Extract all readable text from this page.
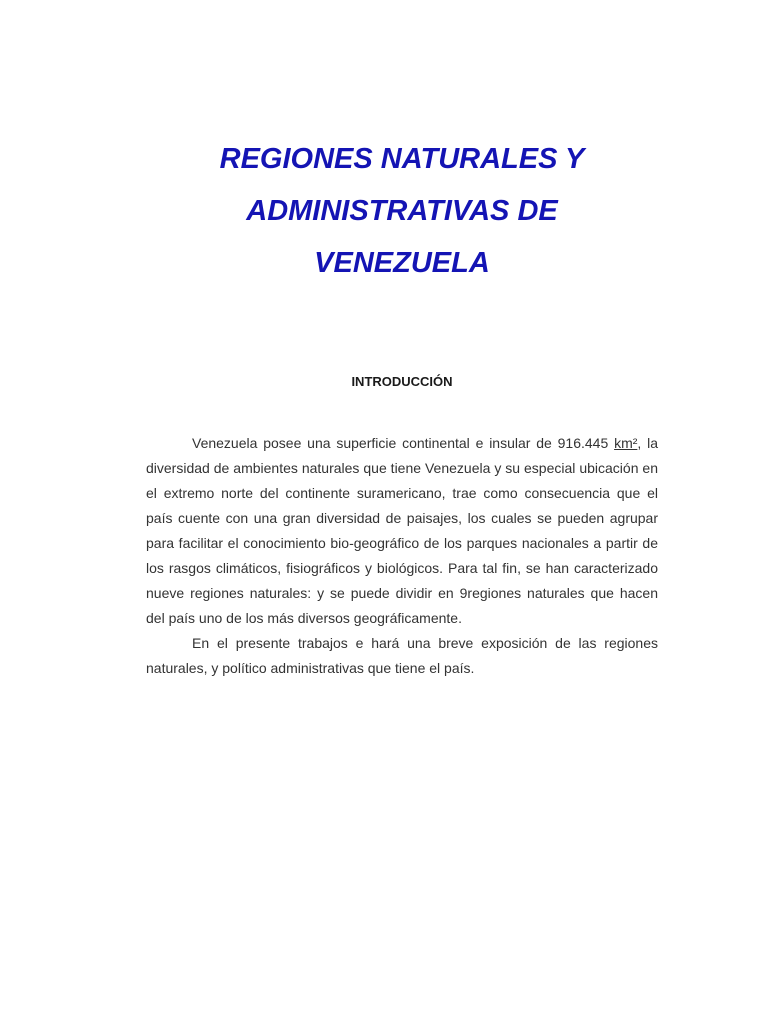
REGIONES NATURALES Y
ADMINISTRATIVAS DE
VENEZUELA
INTRODUCCIÓN

Venezuela posee una superficie continental e insular de 916.445 km², la diversidad de ambientes naturales que tiene Venezuela y su especial ubicación en el extremo norte del continente suramericano, trae como consecuencia que el país cuente con una gran diversidad de paisajes, los cuales se pueden agrupar para facilitar el conocimiento bio-geográfico de los parques nacionales a partir de los rasgos climáticos, fisiográficos y biológicos. Para tal fin, se han caracterizado nueve regiones naturales: y se puede dividir en 9regiones naturales que hacen del país uno de los más diversos geográficamente.

En el presente trabajos e hará una breve exposición de las regiones naturales, y político administrativas que tiene el país.
